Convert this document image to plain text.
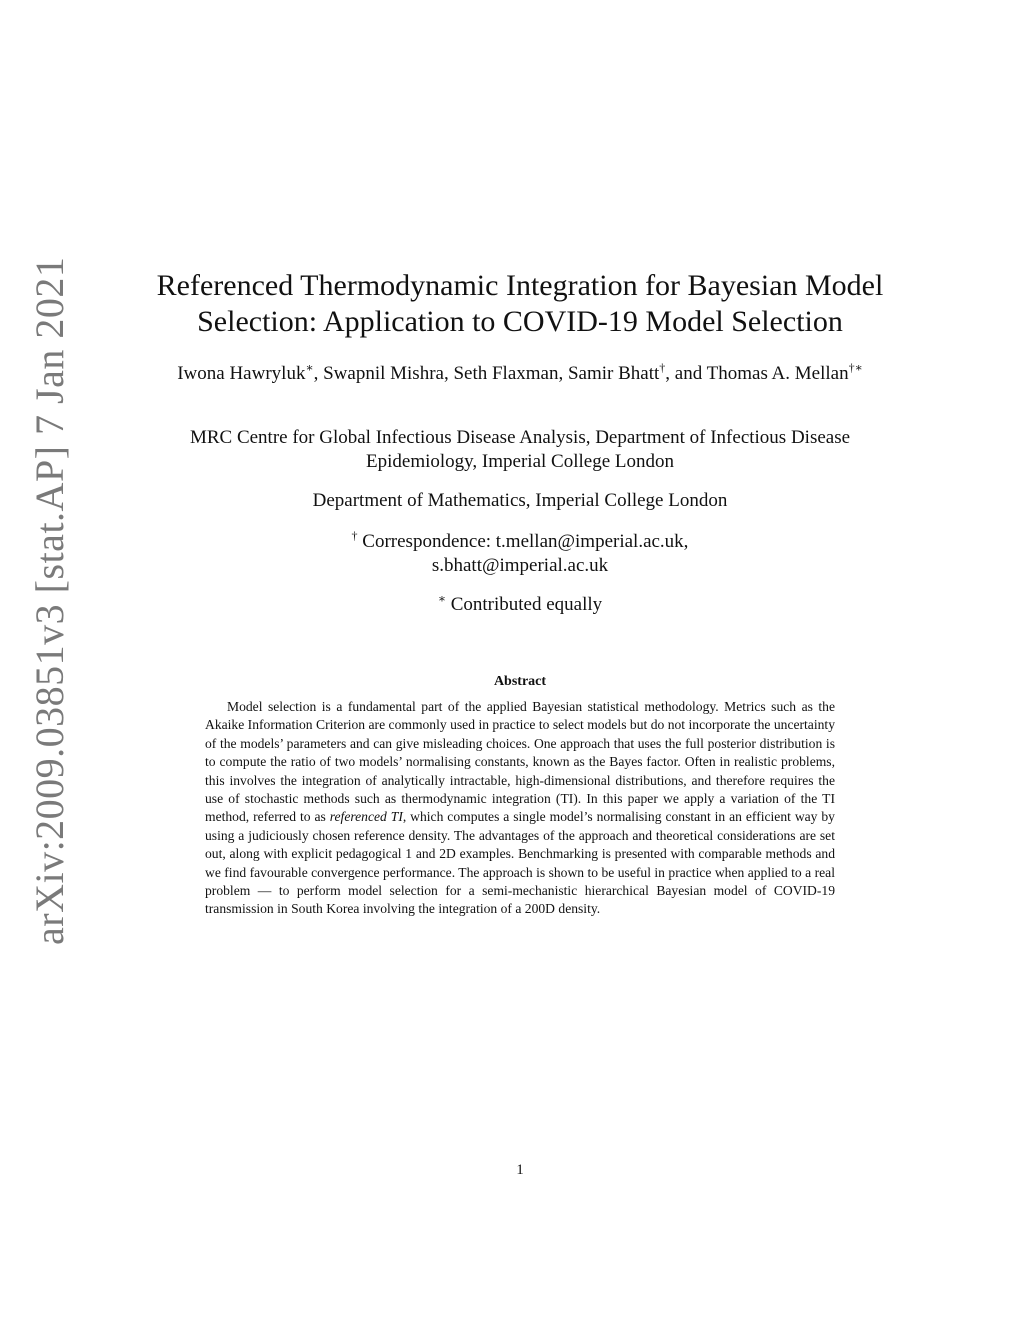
arXiv:2009.03851v3 [stat.AP] 7 Jan 2021	Referenced Thermodynamic Integration for Bayesian Model
Selection: Application to COVID-19 Model Selection
Iwona Hawryluk∗, Swapnil Mishra, Seth Flaxman, Samir Bhatt†, and Thomas A. Mellan†∗
MRC Centre for Global Infectious Disease Analysis, Department of Infectious Disease Epidemiology, Imperial College London
Department of Mathematics, Imperial College London
† Correspondence: t.mellan@imperial.ac.uk,
s.bhatt@imperial.ac.uk
∗ Contributed equally
Abstract

Model selection is a fundamental part of the applied Bayesian statistical methodology. Metrics such as the Akaike Information Criterion are commonly used in practice to select models but do not incorporate the uncertainty of the models’ parameters and can give misleading choices. One approach that uses the full posterior distribution is to compute the ratio of two models’ normalising constants, known as the Bayes factor. Often in realistic problems, this involves the integration of analytically intractable, high-dimensional distributions, and therefore requires the use of stochastic methods such as thermodynamic integration (TI). In this paper we apply a variation of the TI method, referred to as referenced TI, which computes a single model’s normalising constant in an efficient way by using a judiciously chosen reference density. The advantages of the approach and theoretical considerations are set out, along with explicit pedagogical 1 and 2D examples. Benchmarking is presented with comparable methods and we find favourable convergence performance. The approach is shown to be useful in practice when applied to a real problem — to perform model selection for a semi-mechanistic hierarchical Bayesian model of COVID-19 transmission in South Korea involving the integration of a 200D density.

1
